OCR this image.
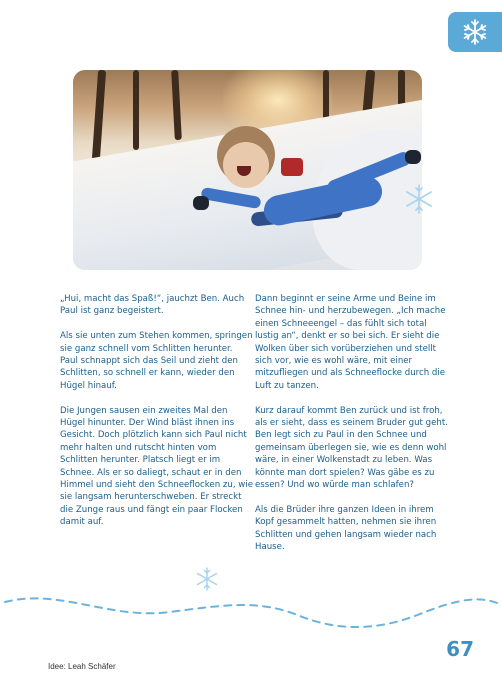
„Hui, macht das Spaß!“, jauchzt Ben. Auch Paul ist ganz begeistert.

Als sie unten zum Stehen kommen, springen sie ganz schnell vom Schlitten herunter. Paul schnappt sich das Seil und zieht den Schlitten, so schnell er kann, wieder den Hügel hinauf.

Die Jungen sausen ein zweites Mal den Hügel hinunter. Der Wind bläst ihnen ins Gesicht. Doch plötzlich kann sich Paul nicht mehr halten und rutscht hinten vom Schlitten herunter. Platsch liegt er im Schnee. Als er so daliegt, schaut er in den Himmel und sieht den Schneeflocken zu, wie sie langsam herunterschweben. Er streckt die Zunge raus und fängt ein paar Flocken damit auf.

Dann beginnt er seine Arme und Beine im Schnee hin- und herzubewegen. „Ich mache einen Schneeengel – das fühlt sich total lustig an“, denkt er so bei sich. Er sieht die Wolken über sich vorüberziehen und stellt sich vor, wie es wohl wäre, mit einer mitzufliegen und als Schneeflocke durch die Luft zu tanzen.

Kurz darauf kommt Ben zurück und ist froh, als er sieht, dass es seinem Bruder gut geht. Ben legt sich zu Paul in den Schnee und gemeinsam überlegen sie, wie es denn wohl wäre, in einer Wolkenstadt zu leben. Was könnte man dort spielen? Was gäbe es zu essen? Und wo würde man schlafen?

Als die Brüder ihre ganzen Ideen in ihrem Kopf gesammelt hatten, nehmen sie ihren Schlitten und gehen langsam wieder nach Hause.

67
Idee: Leah Schäfer
